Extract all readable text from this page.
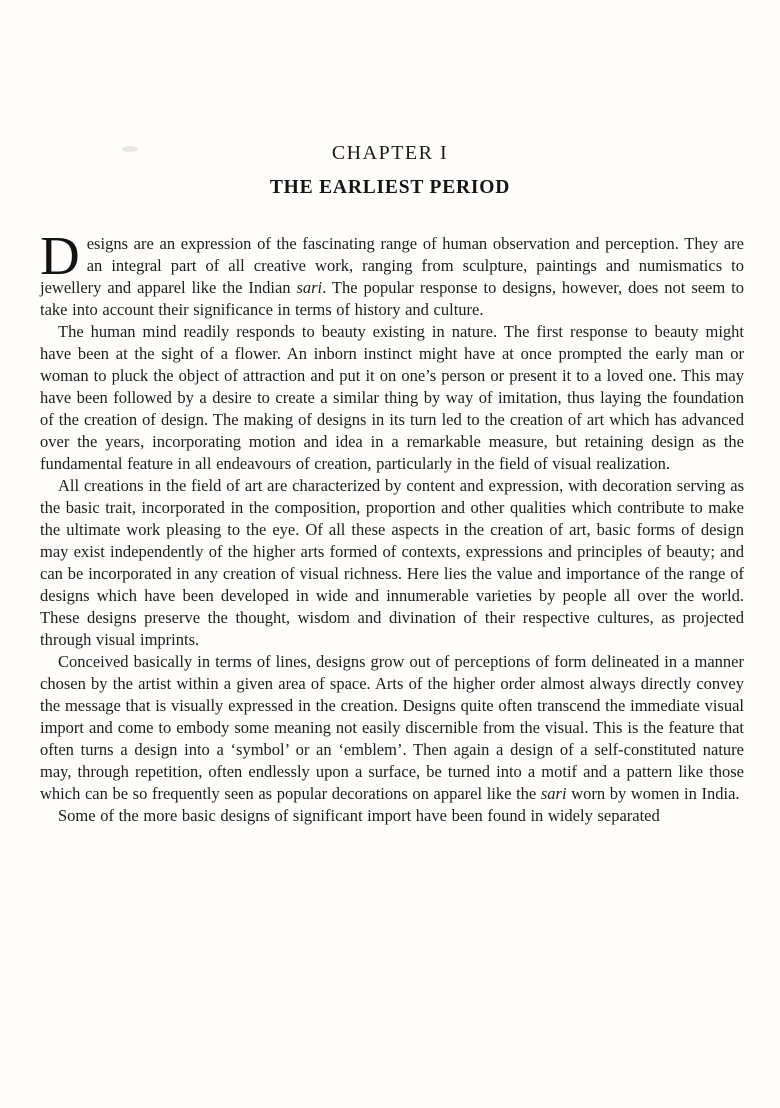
CHAPTER I
THE EARLIEST PERIOD

Designs are an expression of the fascinating range of human observation and perception. They are an integral part of all creative work, ranging from sculpture, paintings and numismatics to jewellery and apparel like the Indian sari. The popular response to designs, however, does not seem to take into account their significance in terms of history and culture.

The human mind readily responds to beauty existing in nature. The first response to beauty might have been at the sight of a flower. An inborn instinct might have at once prompted the early man or woman to pluck the object of attraction and put it on one’s person or present it to a loved one. This may have been followed by a desire to create a similar thing by way of imitation, thus laying the foundation of the creation of design. The making of designs in its turn led to the creation of art which has advanced over the years, incorporating motion and idea in a remarkable measure, but retaining design as the fundamental feature in all endeavours of creation, particularly in the field of visual realization.

All creations in the field of art are characterized by content and expression, with decoration serving as the basic trait, incorporated in the composition, proportion and other qualities which contribute to make the ultimate work pleasing to the eye. Of all these aspects in the creation of art, basic forms of design may exist independently of the higher arts formed of contexts, expressions and principles of beauty; and can be incorporated in any creation of visual richness. Here lies the value and importance of the range of designs which have been developed in wide and innumerable varieties by people all over the world. These designs preserve the thought, wisdom and divination of their respective cultures, as projected through visual imprints.

Conceived basically in terms of lines, designs grow out of perceptions of form delineated in a manner chosen by the artist within a given area of space. Arts of the higher order almost always directly convey the message that is visually expressed in the creation. Designs quite often transcend the immediate visual import and come to embody some meaning not easily discernible from the visual. This is the feature that often turns a design into a ‘symbol’ or an ‘emblem’. Then again a design of a self-constituted nature may, through repetition, often endlessly upon a surface, be turned into a motif and a pattern like those which can be so frequently seen as popular decorations on apparel like the sari worn by women in India.

Some of the more basic designs of significant import have been found in widely separated
